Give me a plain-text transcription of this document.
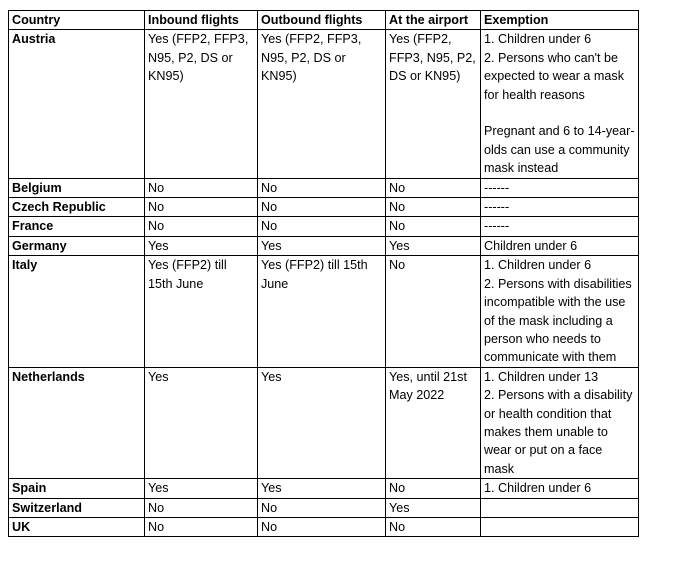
Country	Inbound flights	Outbound flights	At the airport	Exemption
Austria	Yes (FFP2, FFP3, N95, P2, DS or KN95)	Yes (FFP2, FFP3, N95, P2, DS or KN95)	Yes (FFP2, FFP3, N95, P2, DS or KN95)	1. Children under 6
2. Persons who can't be expected to wear a mask for health reasons

Pregnant and 6 to 14-year-olds can use a community mask instead
Belgium	No	No	No	------
Czech Republic	No	No	No	------
France	No	No	No	------
Germany	Yes	Yes	Yes	Children under 6
Italy	Yes (FFP2) till 15th June	Yes (FFP2) till 15th June	No	1. Children under 6
2. Persons with disabilities incompatible with the use of the mask including a person who needs to communicate with them
Netherlands	Yes	Yes	Yes, until 21st May 2022	1. Children under 13
2. Persons with a disability or health condition that makes them unable to wear or put on a face mask
Spain	Yes	Yes	No	1. Children under 6
Switzerland	No	No	Yes	
UK	No	No	No	
